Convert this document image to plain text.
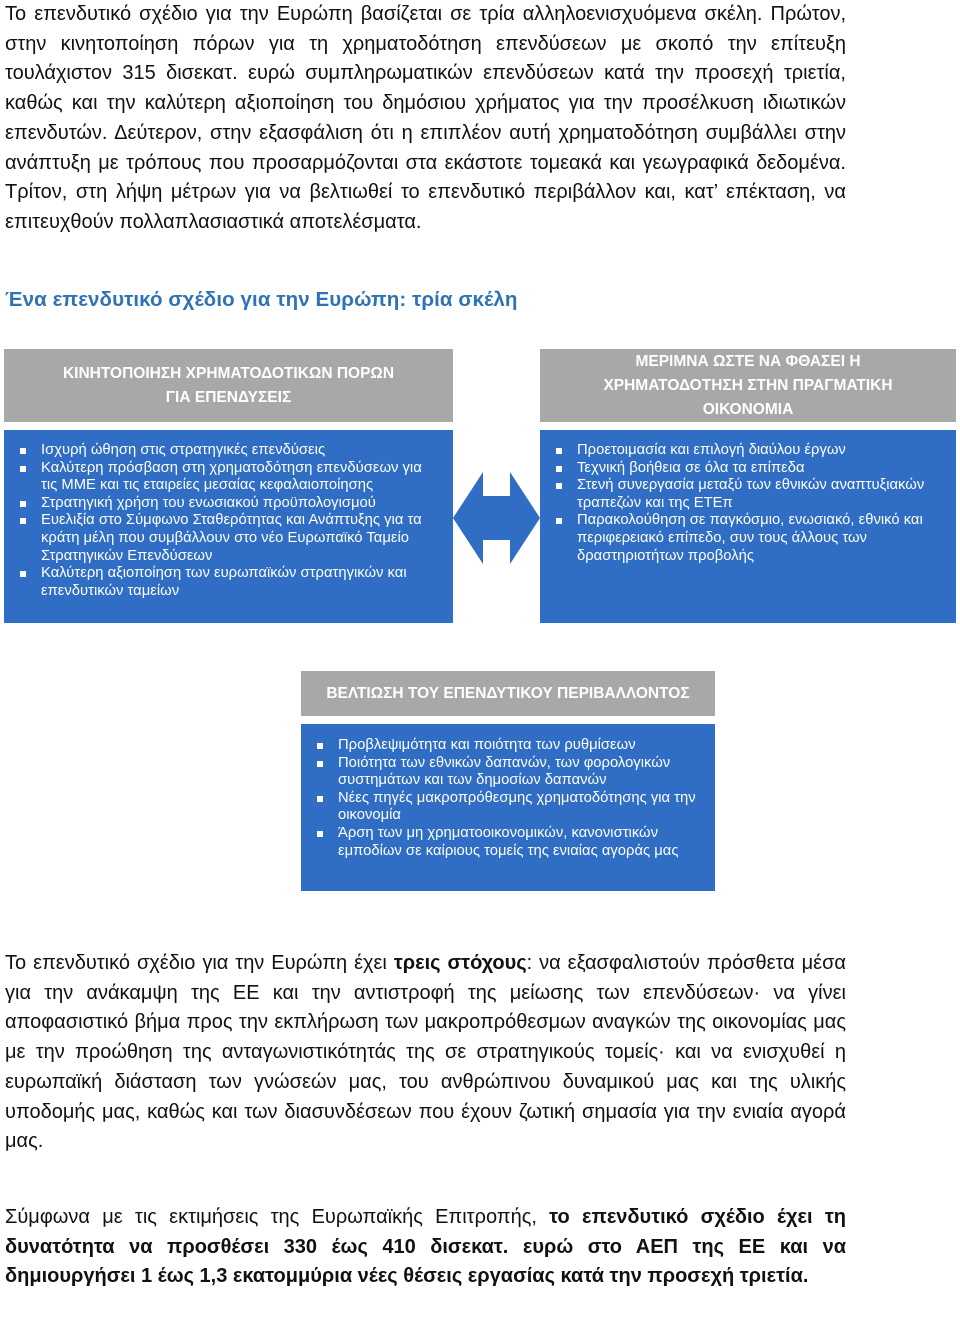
Το επενδυτικό σχέδιο για την Ευρώπη βασίζεται σε τρία αλληλοενισχυόμενα σκέλη. Πρώτον, στην κινητοποίηση πόρων για τη χρηματοδότηση επενδύσεων με σκοπό την επίτευξη τουλάχιστον 315 δισεκατ. ευρώ συμπληρωματικών επενδύσεων κατά την προσεχή τριετία, καθώς και την καλύτερη αξιοποίηση του δημόσιου χρήματος για την προσέλκυση ιδιωτικών επενδυτών. Δεύτερον, στην εξασφάλιση ότι η επιπλέον αυτή χρηματοδότηση συμβάλλει στην ανάπτυξη με τρόπους που προσαρμόζονται στα εκάστοτε τομεακά και γεωγραφικά δεδομένα. Τρίτον, στη λήψη μέτρων για να βελτιωθεί το επενδυτικό περιβάλλον και, κατ’ επέκταση, να επιτευχθούν πολλαπλασιαστικά αποτελέσματα.

Ένα επενδυτικό σχέδιο για την Ευρώπη: τρία σκέλη

ΚΙΝΗΤΟΠΟΙΗΣΗ ΧΡΗΜΑΤΟΔΟΤΙΚΩΝ ΠΟΡΩΝ
ΓΙΑ ΕΠΕΝΔΥΣΕΙΣ
Ισχυρή ώθηση στις στρατηγικές επενδύσεις
Καλύτερη πρόσβαση στη χρηματοδότηση επενδύσεων για τις ΜΜΕ και τις εταιρείες μεσαίας κεφαλαιοποίησης
Στρατηγική χρήση του ενωσιακού προϋπολογισμού
Ευελιξία στο Σύμφωνο Σταθερότητας και Ανάπτυξης για τα κράτη μέλη που συμβάλλουν στο νέο Ευρωπαϊκό Ταμείο Στρατηγικών Επενδύσεων
Καλύτερη αξιοποίηση των ευρωπαϊκών στρατηγικών και επενδυτικών ταμείων
ΜΕΡΙΜΝΑ ΩΣΤΕ ΝΑ ΦΘΑΣΕΙ Η
ΧΡΗΜΑΤΟΔΟΤΗΣΗ ΣΤΗΝ ΠΡΑΓΜΑΤΙΚΗ
ΟΙΚΟΝΟΜΙΑ
Προετοιμασία και επιλογή διαύλου έργων
Τεχνική βοήθεια σε όλα τα επίπεδα
Στενή συνεργασία μεταξύ των εθνικών αναπτυξιακών τραπεζών και της ΕΤΕπ
Παρακολούθηση σε παγκόσμιο, ενωσιακό, εθνικό και περιφερειακό επίπεδο, συν τους άλλους των δραστηριοτήτων προβολής
ΒΕΛΤΙΩΣΗ ΤΟΥ ΕΠΕΝΔΥΤΙΚΟΥ ΠΕΡΙΒΑΛΛΟΝΤΟΣ
Προβλεψιμότητα και ποιότητα των ρυθμίσεων
Ποιότητα των εθνικών δαπανών, των φορολογικών συστημάτων και των δημοσίων δαπανών
Νέες πηγές μακροπρόθεσμης χρηματοδότησης για την οικονομία
Άρση των μη χρηματοοικονομικών, κανονιστικών εμποδίων σε καίριους τομείς της ενιαίας αγοράς μας

Το επενδυτικό σχέδιο για την Ευρώπη έχει τρεις στόχους: να εξασφαλιστούν πρόσθετα μέσα για την ανάκαμψη της ΕΕ και την αντιστροφή της μείωσης των επενδύσεων· να γίνει αποφασιστικό βήμα προς την εκπλήρωση των μακροπρόθεσμων αναγκών της οικονομίας μας με την προώθηση της ανταγωνιστικότητάς της σε στρατηγικούς τομείς· και να ενισχυθεί η ευρωπαϊκή διάσταση των γνώσεών μας, του ανθρώπινου δυναμικού μας και της υλικής υποδομής μας, καθώς και των διασυνδέσεων που έχουν ζωτική σημασία για την ενιαία αγορά μας.

Σύμφωνα με τις εκτιμήσεις της Ευρωπαϊκής Επιτροπής, το επενδυτικό σχέδιο έχει τη δυνατότητα να προσθέσει 330 έως 410 δισεκατ. ευρώ στο ΑΕΠ της ΕΕ και να δημιουργήσει 1 έως 1,3 εκατομμύρια νέες θέσεις εργασίας κατά την προσεχή τριετία.
